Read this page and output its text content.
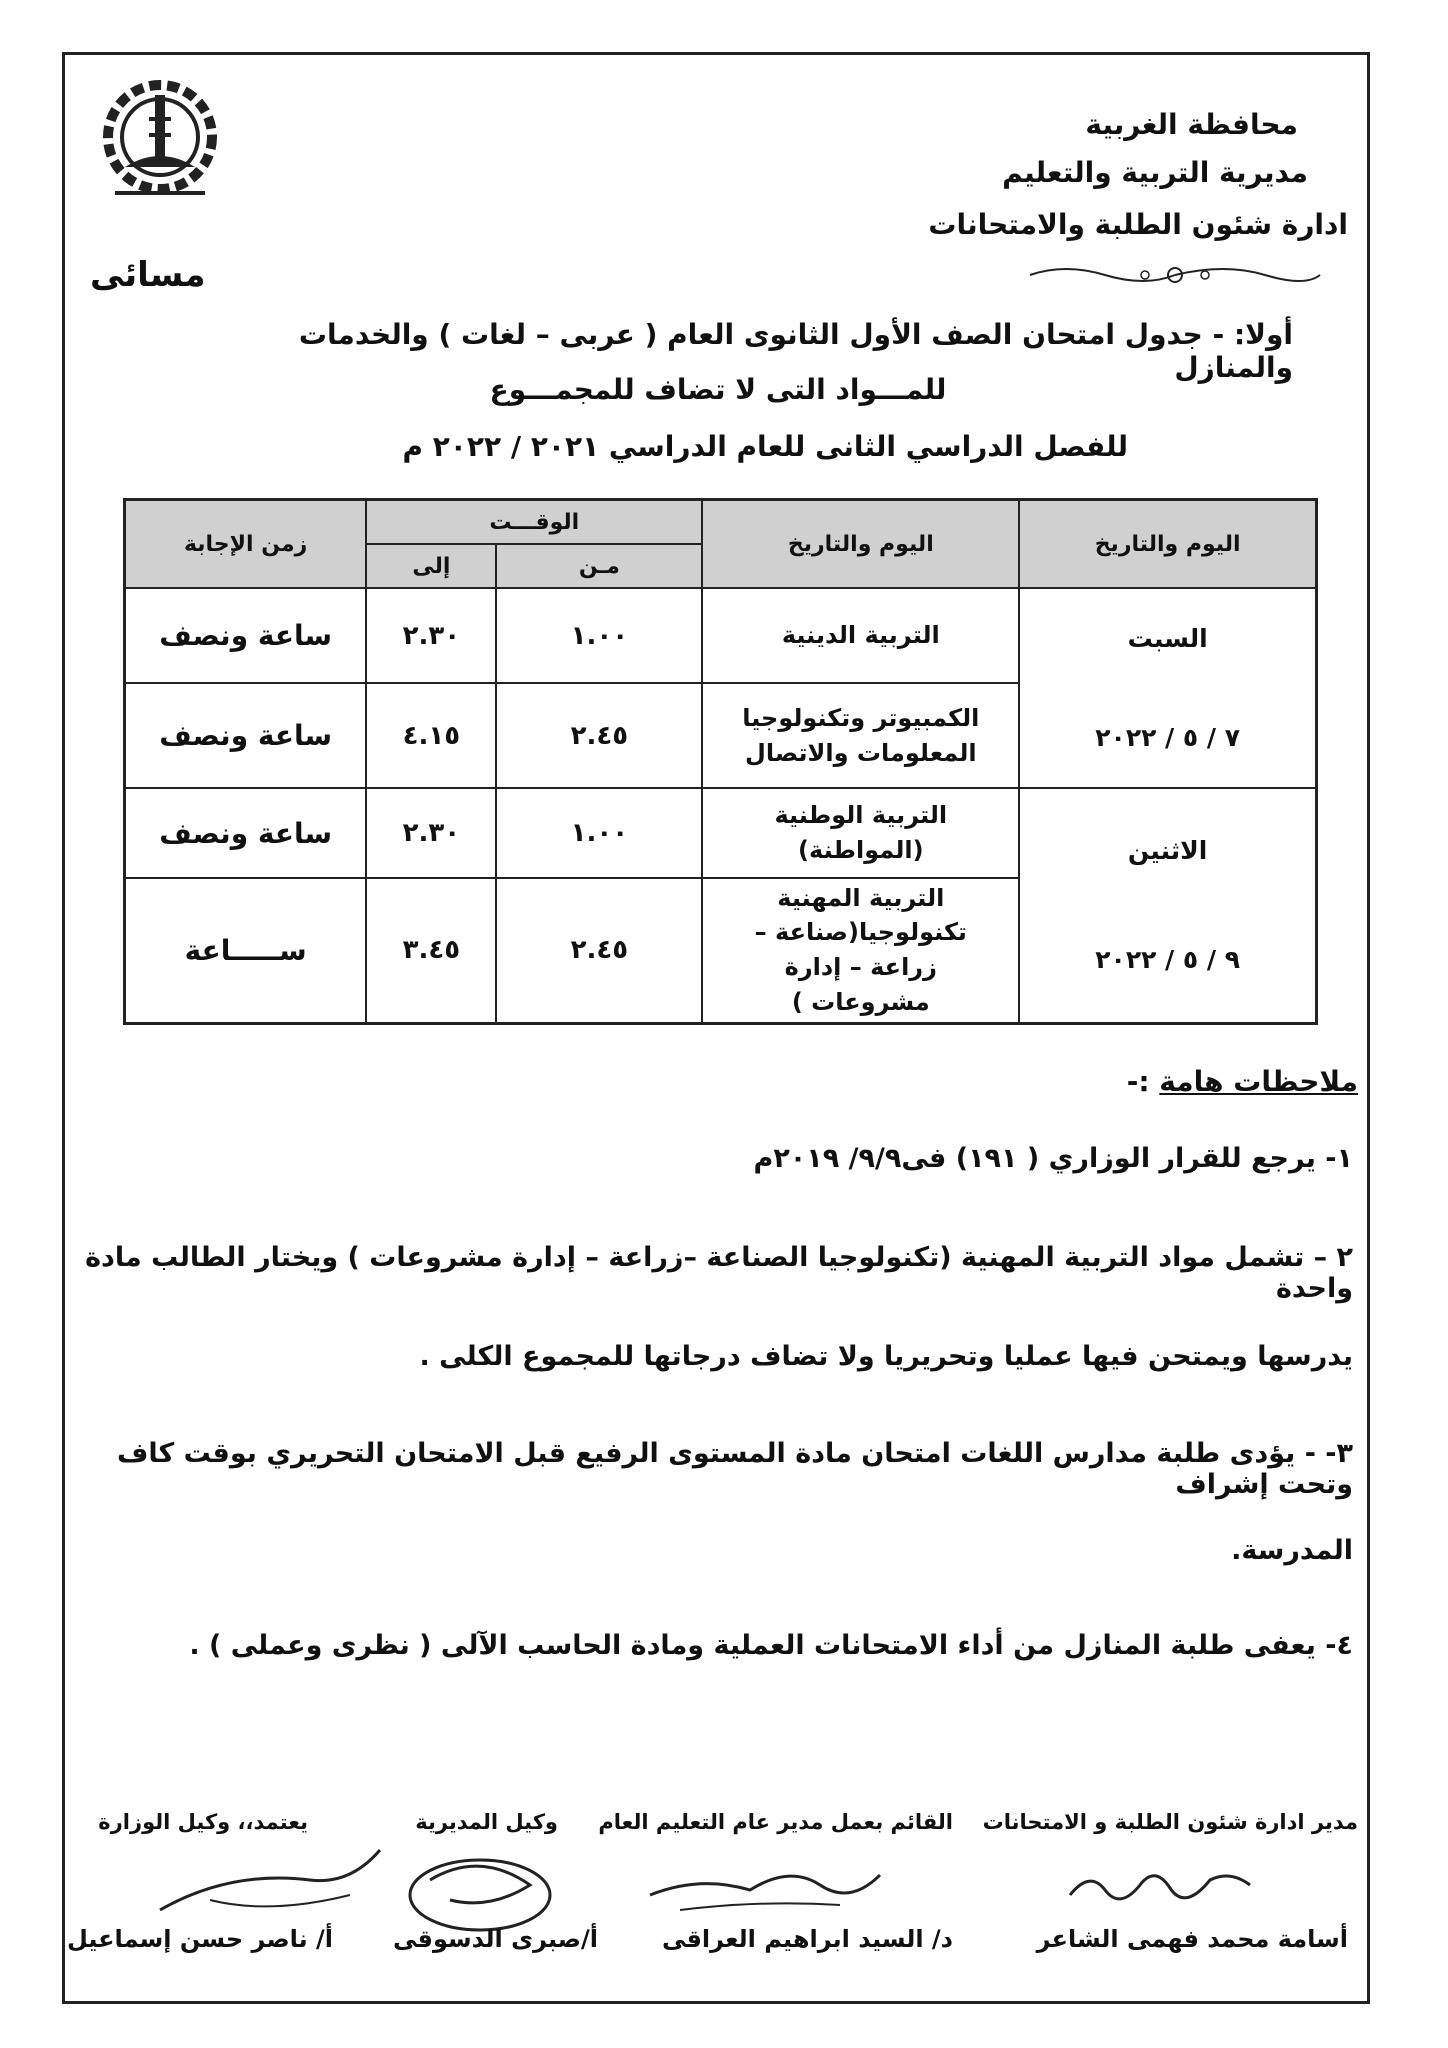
محافظة الغربية
مديرية التربية والتعليم
ادارة شئون الطلبة والامتحانات
مسائى
أولا: - جدول امتحان الصف الأول الثانوى العام ( عربى – لغات ) والخدمات والمنازل
للمـــواد التى لا تضاف للمجمـــوع
للفصل الدراسي الثانى للعام الدراسي ٢٠٢١ / ٢٠٢٢ م
اليوم والتاريخ	اليوم والتاريخ	الوقـــت		زمن الإجابة
		مـن	إلى	

السبت
٧ / ٥ / ٢٠٢٢	التربية الدينية	١.٠٠	٢.٣٠	ساعة ونصف
	الكمبيوتر وتكنولوجيا المعلومات والاتصال	٢.٤٥	٤.١٥	ساعة ونصف

الاثنين
٩ / ٥ / ٢٠٢٢	التربية الوطنية (المواطنة)	١.٠٠	٢.٣٠	ساعة ونصف
	التربية المهنية تكنولوجيا(صناعة – زراعة – إدارة مشروعات )	٢.٤٥	٣.٤٥	ســـــاعة
ملاحظات هامة :-
١- يرجع للقرار الوزاري ( ١٩١) فى٩/٩/ ٢٠١٩م
٢ – تشمل مواد التربية المهنية (تكنولوجيا الصناعة –زراعة – إدارة مشروعات ) ويختار الطالب مادة واحدة
يدرسها ويمتحن فيها عمليا وتحريريا ولا تضاف درجاتها للمجموع الكلى .
٣- - يؤدى طلبة مدارس اللغات امتحان مادة المستوى الرفيع قبل الامتحان التحريري بوقت كاف وتحت إشراف
المدرسة.
٤- يعفى طلبة المنازل من أداء الامتحانات العملية ومادة الحاسب الآلى ( نظرى وعملى ) .
مدير ادارة شئون الطلبة و الامتحانات
القائم بعمل مدير عام التعليم العام
وكيل المديرية
يعتمد،، وكيل الوزارة
أسامة محمد فهمى الشاعر
د/ السيد ابراهيم العراقى
أ/صبرى الدسوقى
أ/ ناصر حسن إسماعيل
